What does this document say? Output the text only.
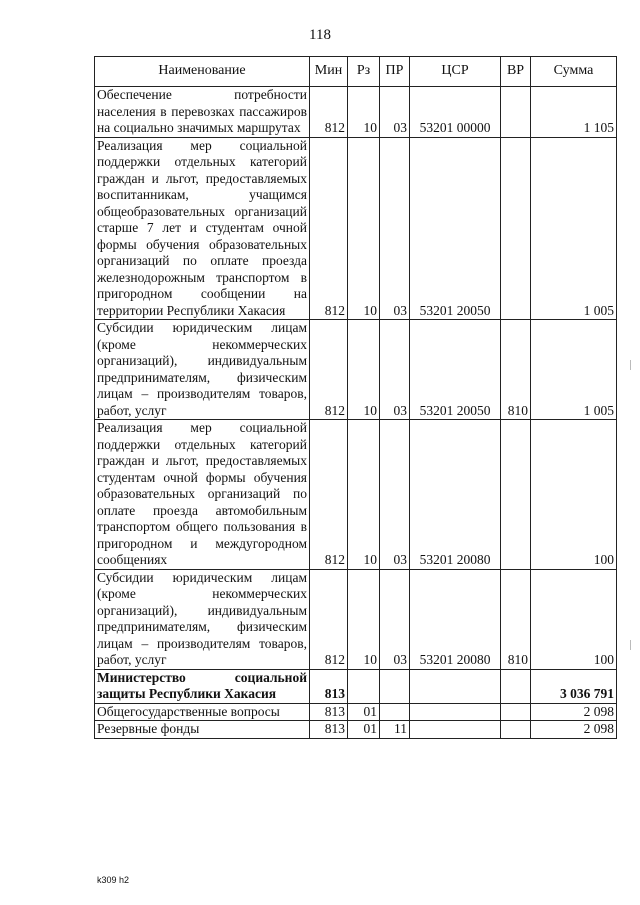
118
Наименование	Мин	Рз	ПР	ЦСР	ВР	Сумма
Обеспечение потребности населения в перевозках пассажиров на социально значимых маршрутах	812	10	03	53201 00000		1 105
Реализация мер социальной поддержки отдельных категорий граждан и льгот, предоставляемых воспитанникам, учащимся общеобразовательных организаций старше 7 лет и студентам очной формы обучения образовательных организаций по оплате проезда железнодорожным транспортом в пригородном сообщении на территории Республики Хакасия	812	10	03	53201 20050		1 005
Субсидии юридическим лицам (кроме некоммерческих организаций), индивидуальным предпринимателям, физическим лицам – производителям товаров, работ, услуг	812	10	03	53201 20050	810	1 005
Реализация мер социальной поддержки отдельных категорий граждан и льгот, предоставляемых студентам очной формы обучения образовательных организаций по оплате проезда автомобильным транспортом общего пользования в пригородном и междугородном сообщениях	812	10	03	53201 20080		100
Субсидии юридическим лицам (кроме некоммерческих организаций), индивидуальным предпринимателям, физическим лицам – производителям товаров, работ, услуг	812	10	03	53201 20080	810	100
Министерство социальной защиты Республики Хакасия	813					3 036 791
Общегосударственные вопросы	813	01				2 098
Резервные фонды	813	01	11			2 098
k309 h2
